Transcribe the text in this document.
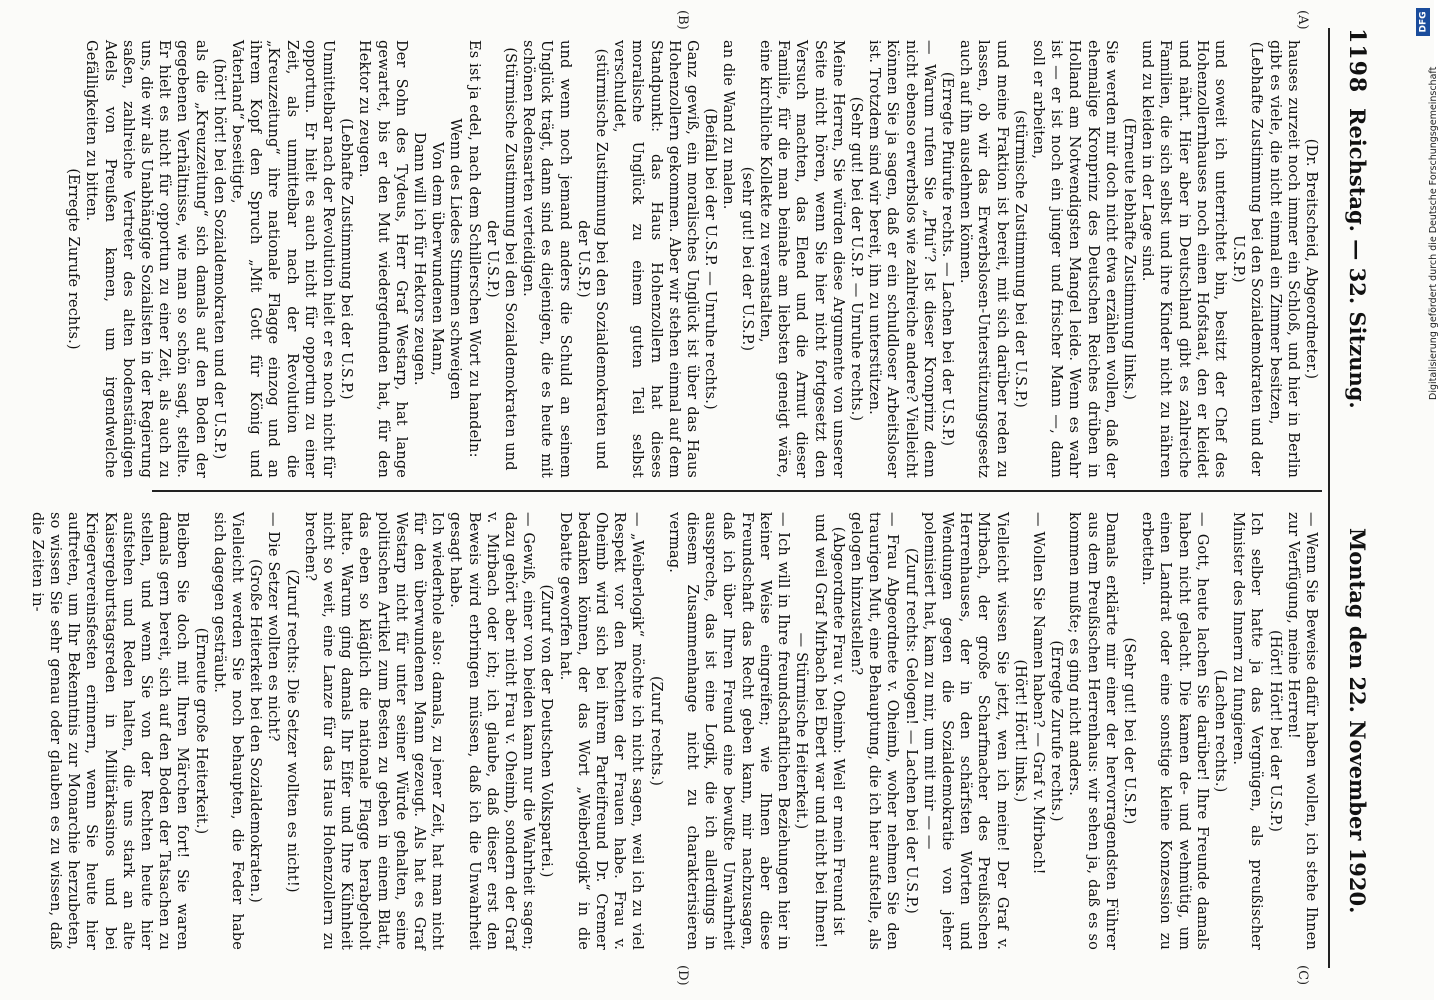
1198
Reichstag. — 32. Sitzung.
Montag den 22. November 1920.
(A)
(B)
(C)
(D)

(Dr. Breitscheid, Abgeordneter.)

hauses zurzeit noch immer ein Schloß, und hier in Berlin gibt es viele, die nicht einmal ein Zimmer besitzen,

(Lebhafte Zustimmung bei den Sozialdemokraten und der U.S.P.)

und soweit ich unterrichtet bin, besitzt der Chef des Hohenzollernhauses noch einen Hofstaat, den er kleidet und nährt. Hier aber in Deutschland gibt es zahlreiche Familien, die sich selbst und ihre Kinder nicht zu nähren und zu kleiden in der Lage sind.

(Erneute lebhafte Zustimmung links.)

Sie werden mir doch nicht etwa erzählen wollen, daß der ehemalige Kronprinz des Deutschen Reiches drüben in Holland am Notwendigsten Mangel leide. Wenn es wahr ist — er ist noch ein junger und frischer Mann —, dann soll er arbeiten,

(stürmische Zustimmung bei der U.S.P.)

und meine Fraktion ist bereit, mit sich darüber reden zu lassen, ob wir das Erwerbslosen-Unterstützungsgesetz auch auf ihn ausdehnen können.

(Erregte Pfuirufe rechts. — Lachen bei der U.S.P.)

— Warum rufen Sie „Pfui“? Ist dieser Kronprinz denn nicht ebenso erwerbslos wie zahlreiche andere? Vielleicht können Sie ja sagen, daß er ein schuldloser Arbeitsloser ist. Trotzdem sind wir bereit, ihn zu unterstützen.

(Sehr gut! bei der U.S.P. — Unruhe rechts.)

Meine Herren, Sie würden diese Argumente von unserer Seite nicht hören, wenn Sie hier nicht fortgesetzt den Versuch machten, das Elend und die Armut dieser Familie, für die man beinahe am liebsten geneigt wäre, eine kirchliche Kollekte zu veranstalten,

(sehr gut! bei der U.S.P.)

an die Wand zu malen.

(Beifall bei der U.S.P. — Unruhe rechts.)

Ganz gewiß, ein moralisches Unglück ist über das Haus Hohenzollern gekommen. Aber wir stehen einmal auf dem Standpunkt: das Haus Hohenzollern hat dieses moralische Unglück zu einem guten Teil selbst verschuldet,

(stürmische Zustimmung bei den Sozialdemokraten und der U.S.P.)

und wenn noch jemand anders die Schuld an seinem Unglück trägt, dann sind es diejenigen, die es heute mit schönen Redensarten verteidigen.

(Stürmische Zustimmung bei den Sozialdemokraten und der U.S.P.)

Es ist ja edel, nach dem Schillerschen Wort zu handeln:

Wenn des Liedes Stimmen schweigen

Von dem überwundenen Mann,

Dann will ich für Hektors zeugen.

Der Sohn des Tydeus, Herr Graf Westarp, hat lange gewartet, bis er den Mut wiedergefunden hat, für den Hektor zu zeugen.

(Lebhafte Zustimmung bei der U.S.P.)

Unmittelbar nach der Revolution hielt er es noch nicht für opportun. Er hielt es auch nicht für opportun zu einer Zeit, als unmittelbar nach der Revolution die „Kreuzzeitung“ ihre nationale Flagge einzog und an ihrem Kopf den Spruch „Mit Gott für König und Vaterland“ beseitigte,

(hört! hört! bei den Sozialdemokraten und der U.S.P.)

als die „Kreuzzeitung“ sich damals auf den Boden der gegebenen Verhältnisse, wie man so schön sagt, stellte. Er hielt es nicht für opportun zu einer Zeit, als auch zu uns, die wir als Unabhängige Sozialisten in der Regierung saßen, zahlreiche Vertreter des alten bodenständigen Adels von Preußen kamen, um irgendwelche Gefälligkeiten zu bitten.

(Erregte Zurufe rechts.)

— Wenn Sie Beweise dafür haben wollen, ich stehe Ihnen zur Verfügung, meine Herren!

(Hört! Hört! bei der U.S.P.)

Ich selber hatte ja das Vergnügen, als preußischer Minister des Innern zu fungieren.

(Lachen rechts.)

— Gott, heute lachen Sie darüber! Ihre Freunde damals haben nicht gelacht. Die kamen de- und wehmütig, um einen Landrat oder eine sonstige kleine Konzession zu erbetteln.

(Sehr gut! bei der U.S.P.)

Damals erklärte mir einer der hervorragendsten Führer aus dem Preußischen Herrenhaus: wir sehen ja, daß es so kommen mußte; es ging nicht anders.

(Erregte Zurufe rechts.)

— Wollen Sie Namen haben? — Graf v. Mirbach!

(Hört! Hört! links.)

Vielleicht wissen Sie jetzt, wen ich meine! Der Graf v. Mirbach, der große Scharfmacher des Preußischen Herrenhauses, der in den schärfsten Worten und Wendungen gegen die Sozialdemokratie von jeher polemisiert hat, kam zu mir, um mit mir — —

(Zuruf rechts: Gelogen! — Lachen bei der U.S.P.)

— Frau Abgeordnete v. Oheimb, woher nehmen Sie den traurigen Mut, eine Behauptung, die ich hier aufstelle, als gelogen hinzustellen?

(Abgeordnete Frau v. Oheimb: Weil er mein Freund ist und weil Graf Mirbach bei Ebert war und nicht bei Ihnen! — Stürmische Heiterkeit.)

— Ich will in Ihre freundschaftlichen Beziehungen hier in keiner Weise eingreifen; wie Ihnen aber diese Freundschaft das Recht geben kann, mir nachzusagen, daß ich über Ihren Freund eine bewußte Unwahrheit ausspreche, das ist eine Logik, die ich allerdings in diesem Zusammenhange nicht zu charakterisieren vermag.

(Zuruf rechts.)

— „Weiberlogik“ möchte ich nicht sagen, weil ich zu viel Respekt vor den Rechten der Frauen habe. Frau v. Oheimb wird sich bei ihrem Parteifreund Dr. Cremer bedanken können, der das Wort „Weiberlogik“ in die Debatte geworfen hat.

(Zuruf von der Deutschen Volkspartei.)

— Gewiß, einer von beiden kann nur die Wahrheit sagen; dazu gehört aber nicht Frau v. Oheimb, sondern der Graf v. Mirbach oder ich; ich glaube, daß dieser erst den Beweis wird erbringen müssen, daß ich die Unwahrheit gesagt habe.

Ich wiederhole also: damals, zu jener Zeit, hat man nicht für den überwundenen Mann gezeugt. Als hat es Graf Westarp nicht für unter seiner Würde gehalten, seine politischen Artikel zum Besten zu geben in einem Blatt, das eben so kläglich die nationale Flagge herabgeholt hatte. Warum ging damals Ihr Eifer und Ihre Kühnheit nicht so weit, eine Lanze für das Haus Hohenzollern zu brechen?

(Zuruf rechts: Die Setzer wollten es nicht!)

— Die Setzer wollten es nicht?

(Große Heiterkeit bei den Sozialdemokraten.)

Vielleicht werden Sie noch behaupten, die Feder habe sich dagegen gesträubt.

(Erneute große Heiterkeit.)

Bleiben Sie doch mit Ihren Märchen fort! Sie waren damals gern bereit, sich auf den Boden der Tatsachen zu stellen, und wenn Sie von der Rechten heute hier aufstehen und Reden halten, die uns stark an alte Kaisergeburtstagsreden in Militärkasinos und bei Kriegervereinsfesten erinnern, wenn Sie heute hier auftreten, um Ihr Bekenntnis zur Monarchie herzubeten, so wissen Sie sehr genau oder glauben es zu wissen, daß die Zeiten in-

DFG
Digitalisierung gefördert durch die Deutsche Forschungsgemeinschaft
